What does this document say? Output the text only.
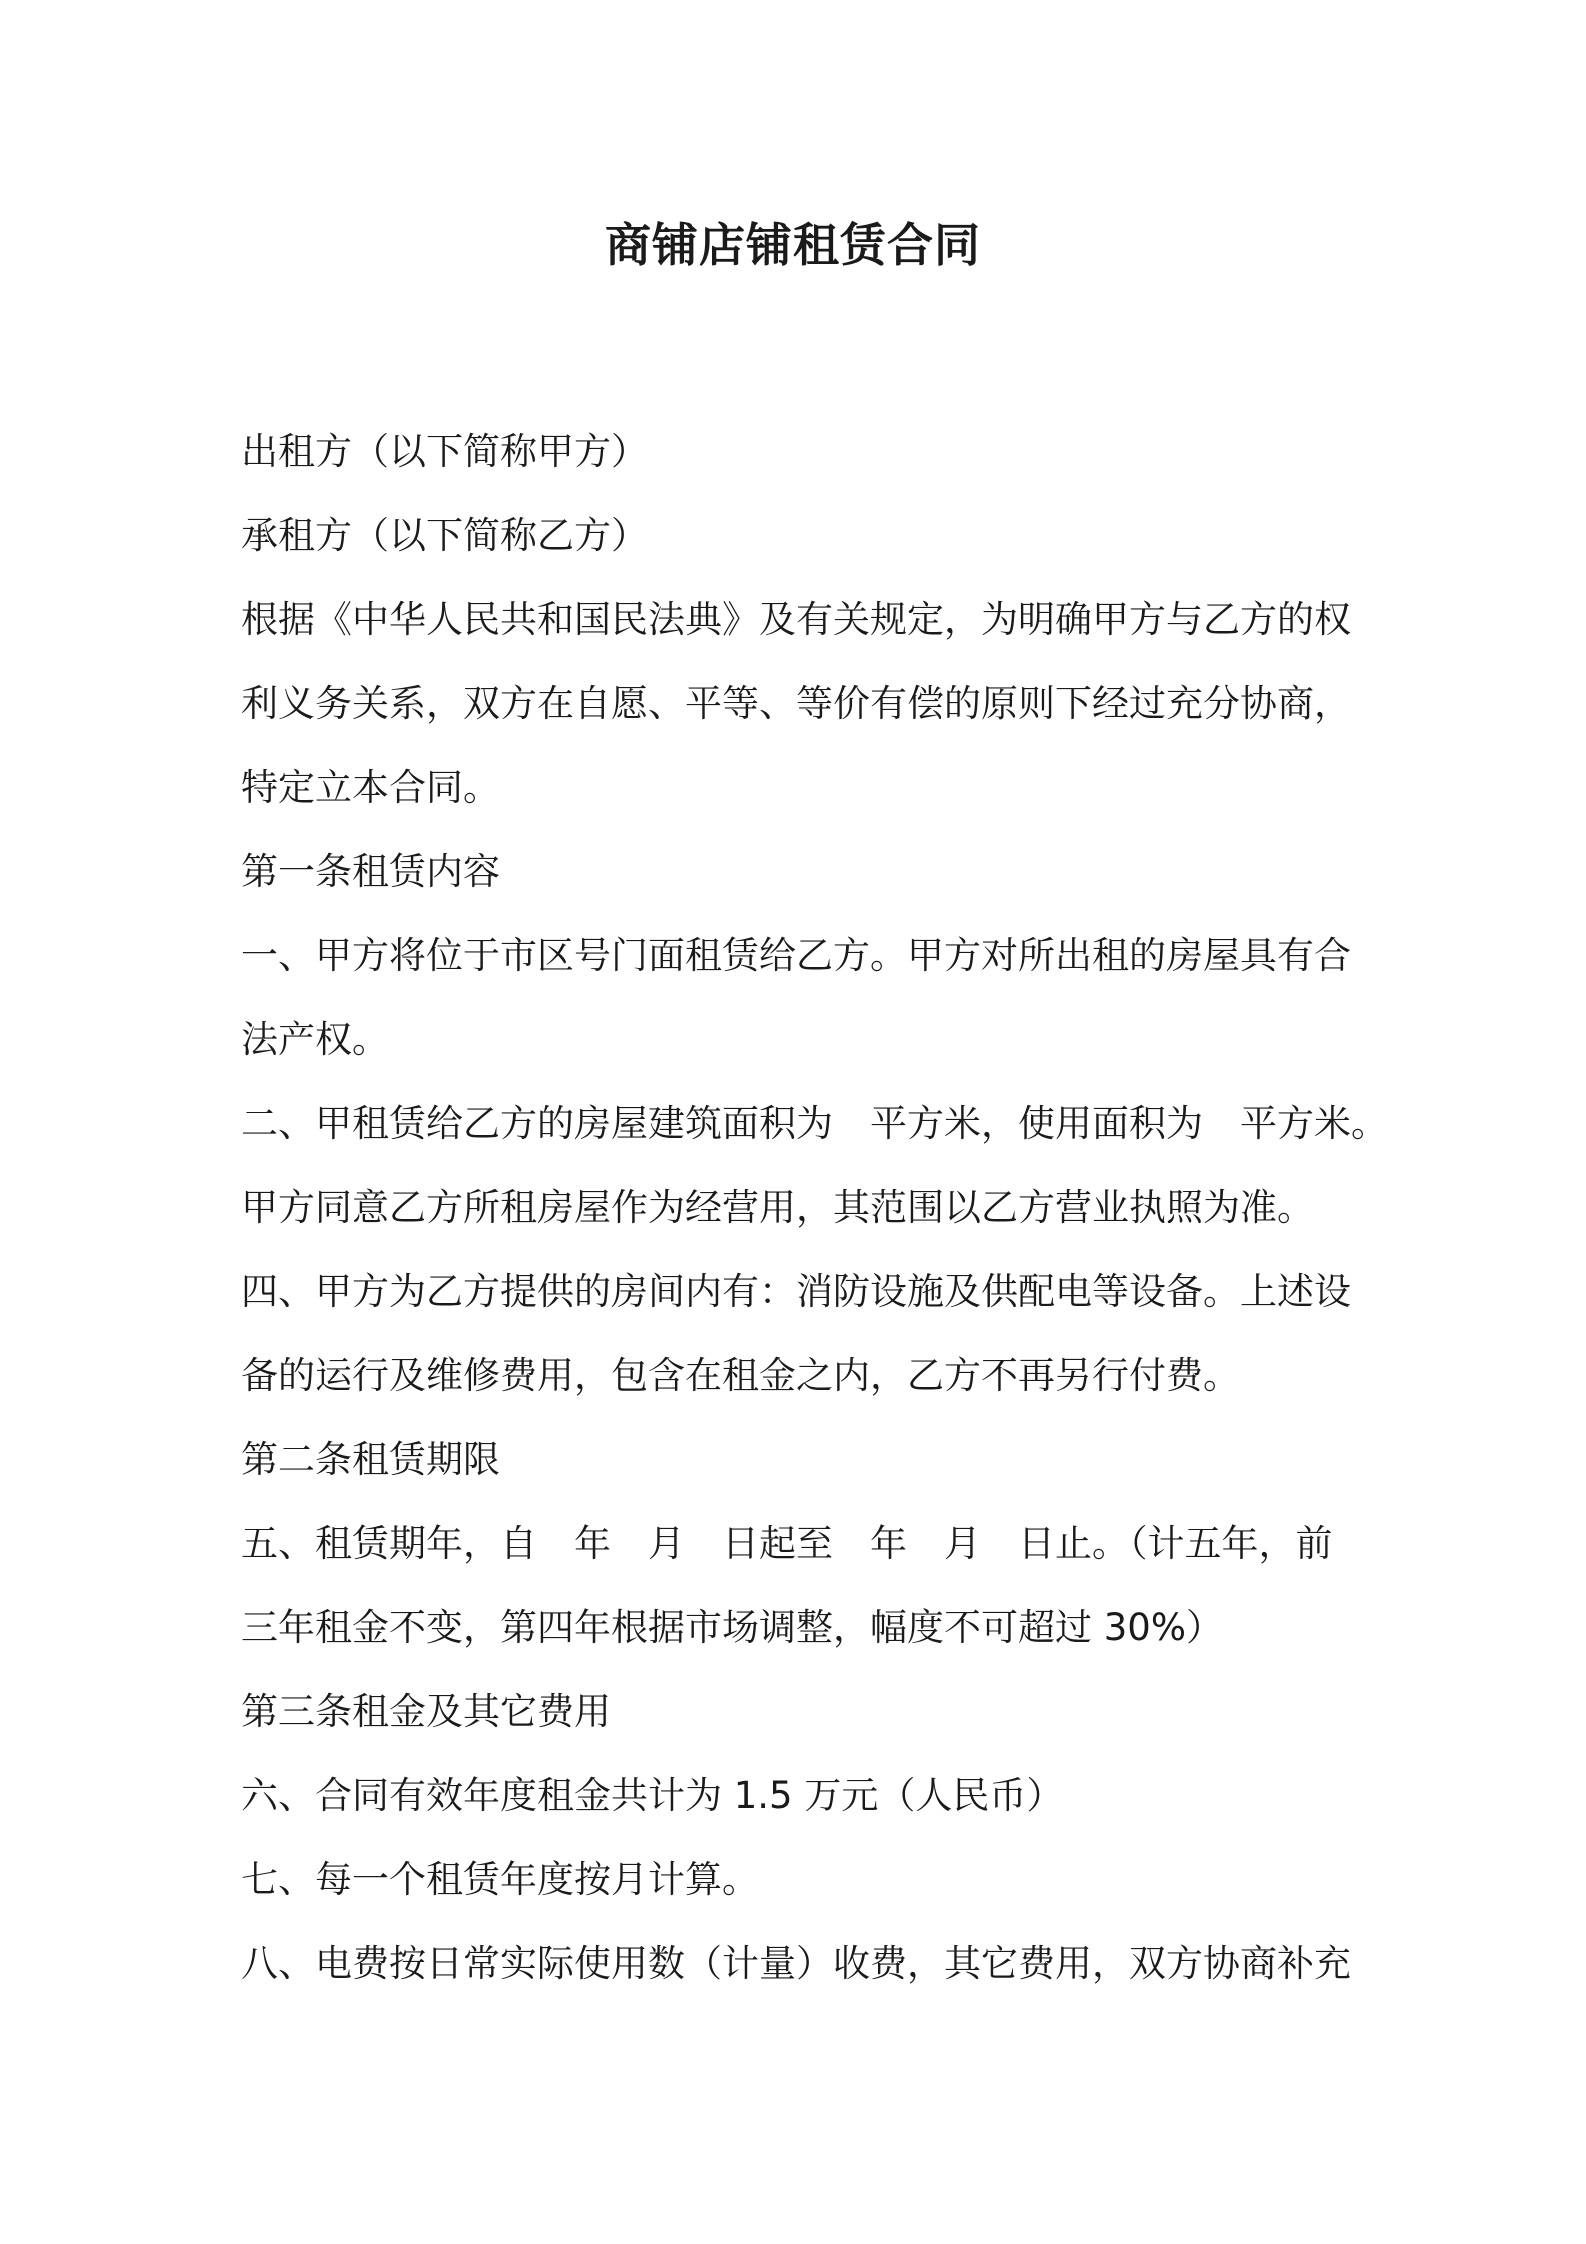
商铺店铺租赁合同

出租方（以下简称甲方）

承租方（以下简称乙方）

根据《中华人民共和国民法典》及有关规定，为明确甲方与乙方的权

利义务关系，双方在自愿、平等、等价有偿的原则下经过充分协商，

特定立本合同。

第一条租赁内容

一、甲方将位于市区号门面租赁给乙方。甲方对所出租的房屋具有合

法产权。

二、甲租赁给乙方的房屋建筑面积为　平方米，使用面积为　平方米。

甲方同意乙方所租房屋作为经营用，其范围以乙方营业执照为准。

四、甲方为乙方提供的房间内有：消防设施及供配电等设备。上述设

备的运行及维修费用，包含在租金之内，乙方不再另行付费。

第二条租赁期限

五、租赁期年，自　年　月　日起至　年　月　日止。（计五年，前

三年租金不变，第四年根据市场调整，幅度不可超过 30%）

第三条租金及其它费用

六、合同有效年度租金共计为 1.5 万元（人民币）

七、每一个租赁年度按月计算。

八、电费按日常实际使用数（计量）收费，其它费用，双方协商补充
